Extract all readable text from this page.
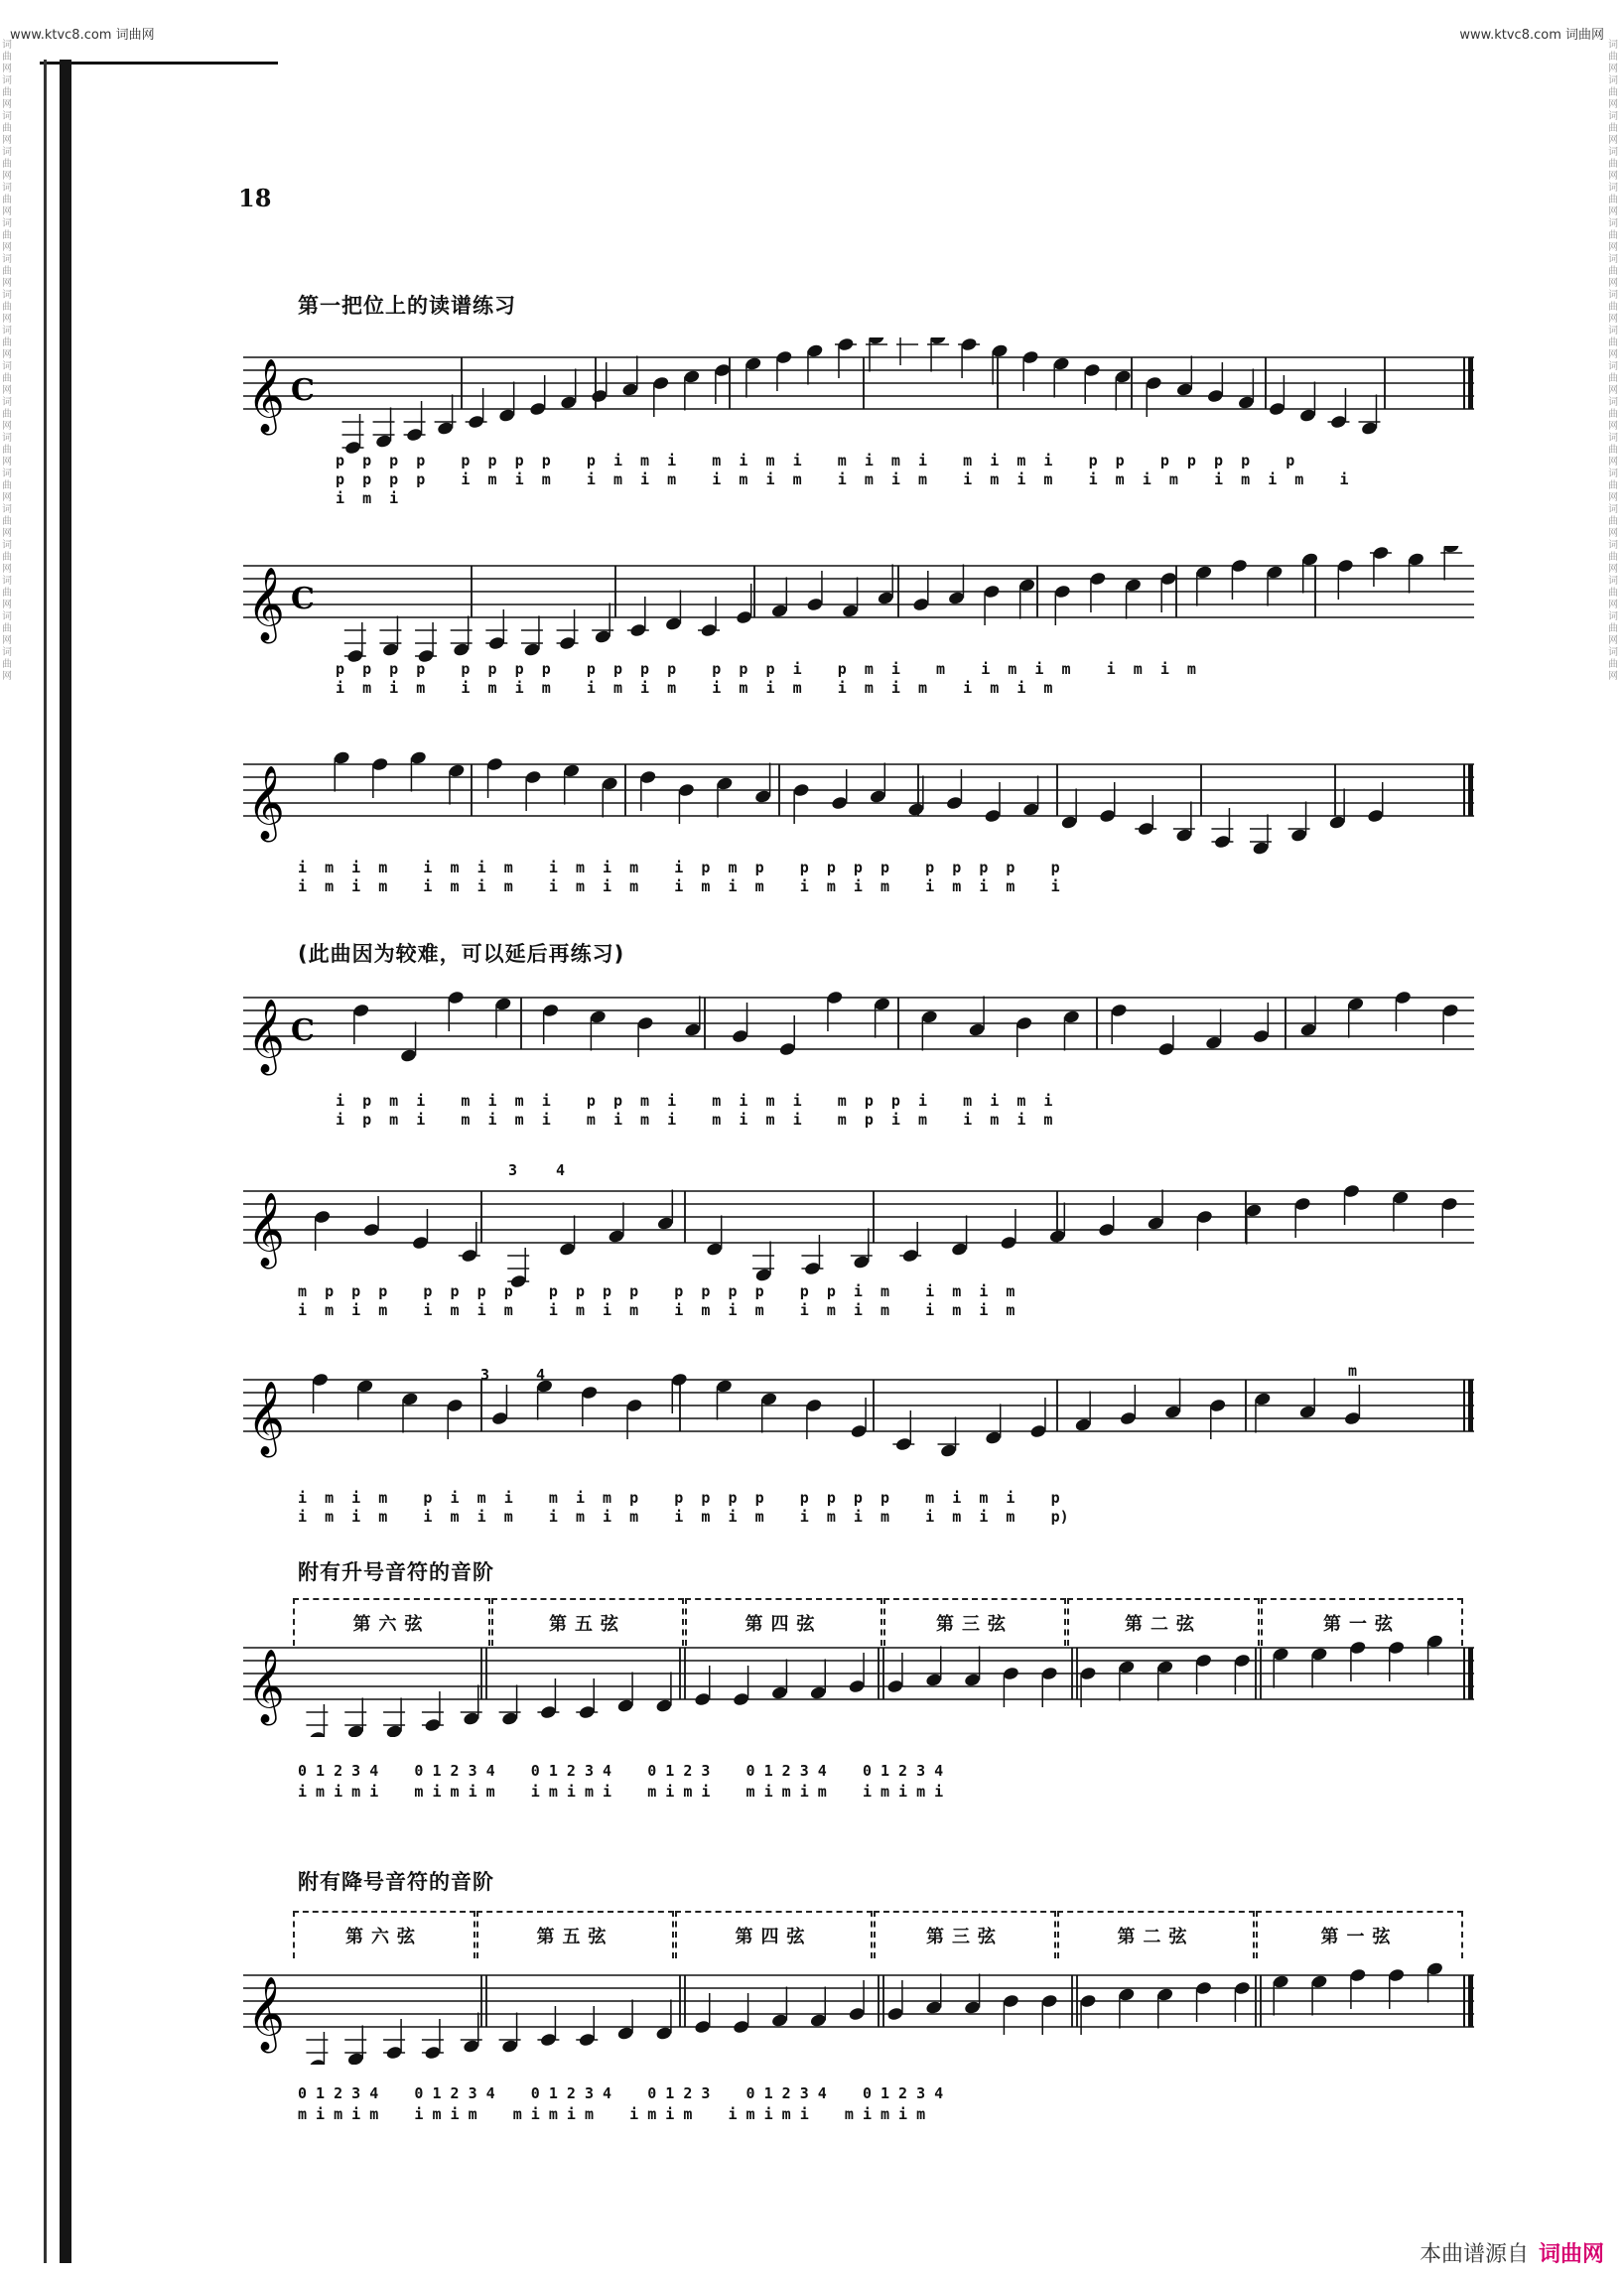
www.ktvc8.com 词曲网	www.ktvc8.com 词曲网
词曲网词曲网词曲网词曲网词曲网词曲网词曲网词曲网词曲网词曲网词曲网词曲网词曲网词曲网词曲网词曲网词曲网词曲网
词曲网词曲网词曲网词曲网词曲网词曲网词曲网词曲网词曲网词曲网词曲网词曲网词曲网词曲网词曲网词曲网词曲网词曲网
18
第一把位上的读谱练习
𝄞 C
p  p  p  p    p  p  p  p    p  i  m  i    m  i  m  i    m  i  m  i    m  i  m  i    p  p    p  p  p  p    p
p  p  p  p    i  m  i  m    i  m  i  m    i  m  i  m    i  m  i  m    i  m  i  m    i  m  i  m    i  m  i  m    i
i  m  i
𝄞 C
p  p  p  p    p  p  p  p    p  p  p  p    p  p  p  i    p  m  i    m    i  m  i  m    i  m  i  m
i  m  i  m    i  m  i  m    i  m  i  m    i  m  i  m    i  m  i  m    i  m  i  m
𝄞
i  m  i  m    i  m  i  m    i  m  i  m    i  p  m  p    p  p  p  p    p  p  p  p    p
i  m  i  m    i  m  i  m    i  m  i  m    i  m  i  m    i  m  i  m    i  m  i  m    i
(此曲因为较难，可以延后再练习)
𝄞 C
i  p  m  i    m  i  m  i    p  p  m  i    m  i  m  i    m  p  p  i    m  i  m  i
i  p  m  i    m  i  m  i    m  i  m  i    m  i  m  i    m  p  i  m    i  m  i  m
𝄞
m  p  p  p    p  p  p  p    p  p  p  p    p  p  p  p    p  p  i  m    i  m  i  m
i  m  i  m    i  m  i  m    i  m  i  m    i  m  i  m    i  m  i  m    i  m  i  m
3	4
𝄞
i  m  i  m    p  i  m  i    m  i  m  p    p  p  p  p    p  p  p  p    m  i  m  i    p
i  m  i  m    i  m  i  m    i  m  i  m    i  m  i  m    i  m  i  m    i  m  i  m    p)
3	4	m
附有升号音符的音阶
第六弦	第五弦	第四弦	第三弦	第二弦	第一弦
𝄞
0 1 2 3 4    0 1 2 3 4    0 1 2 3 4    0 1 2 3    0 1 2 3 4    0 1 2 3 4
i m i m i    m i m i m    i m i m i    m i m i    m i m i m    i m i m i
附有降号音符的音阶
第六弦	第五弦	第四弦	第三弦	第二弦	第一弦
𝄞
0 1 2 3 4    0 1 2 3 4    0 1 2 3 4    0 1 2 3    0 1 2 3 4    0 1 2 3 4
m i m i m    i m i m    m i m i m    i m i m    i m i m i    m i m i m
本曲谱源自 词曲网
